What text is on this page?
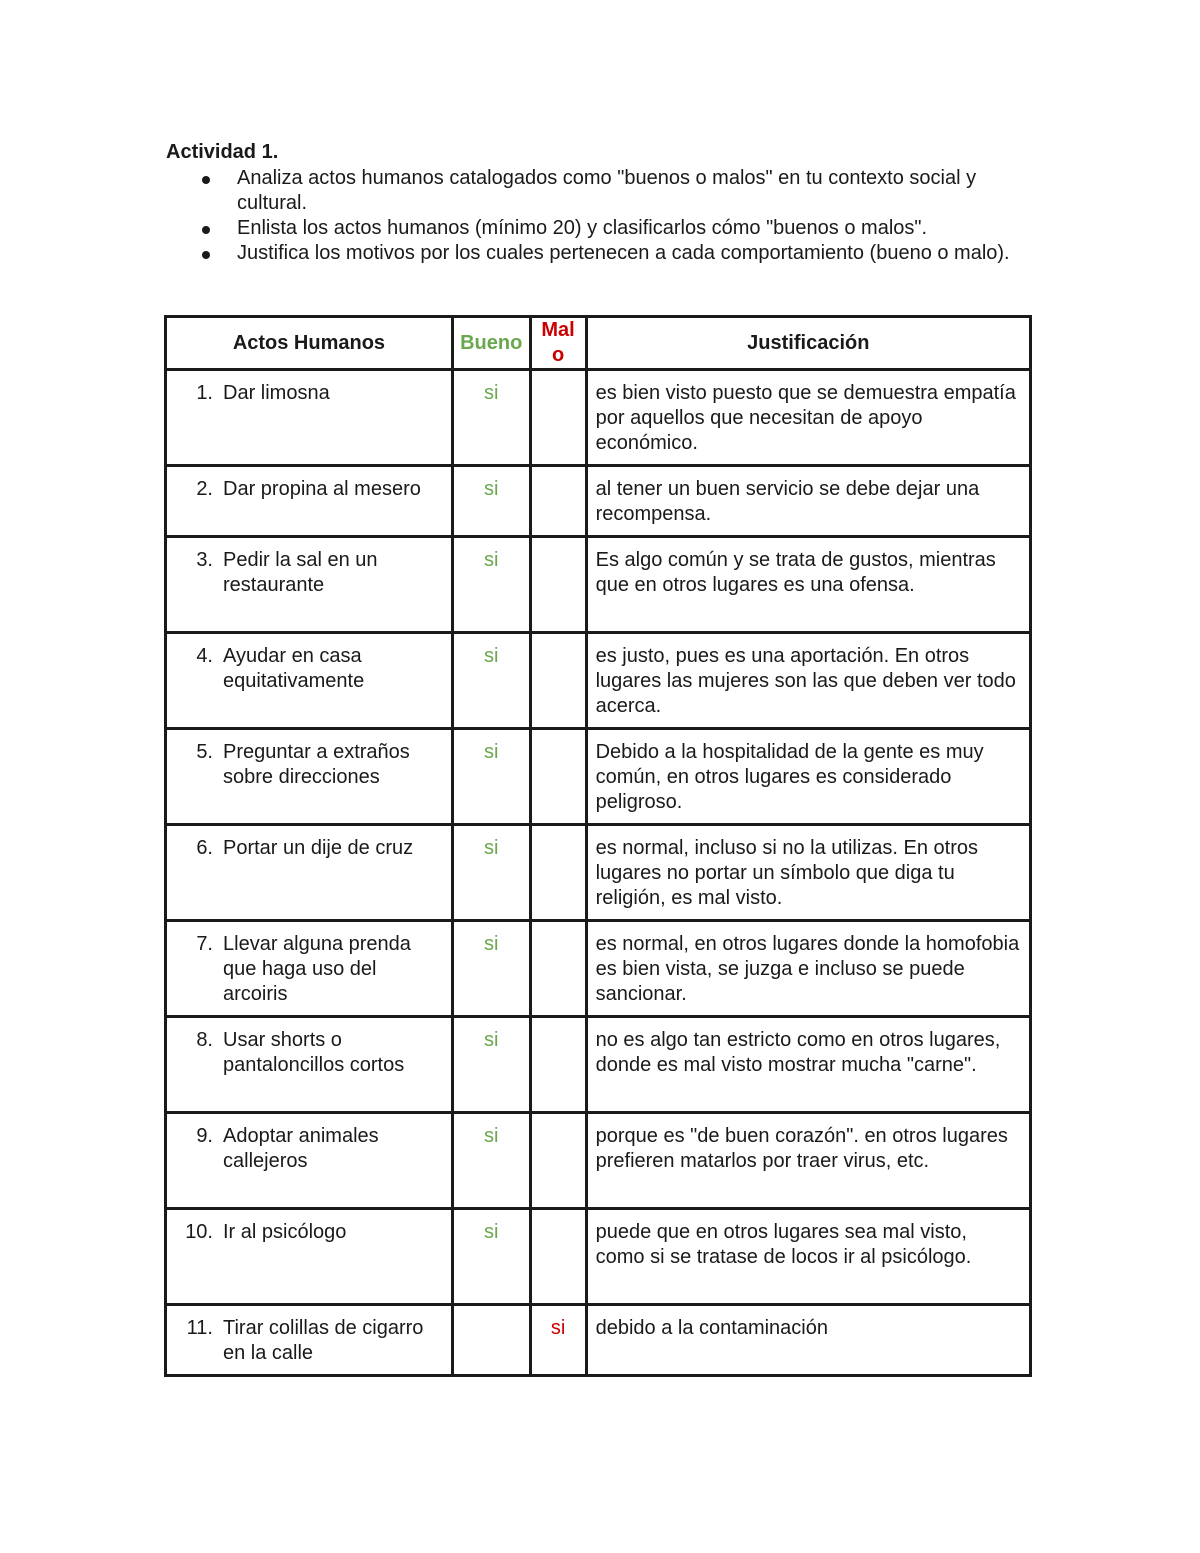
Actividad 1.

Analiza actos humanos catalogados como "buenos o malos" en tu contexto social y cultural.
Enlista los actos humanos (mínimo 20) y clasificarlos cómo "buenos o malos".
Justifica los motivos por los cuales pertenecen a cada comportamiento (bueno o malo).
Actos Humanos	Bueno	Malo	Justificación

1. Dar limosna	si		es bien visto puesto que se demuestra empatía por aquellos que necesitan de apoyo económico.

2. Dar propina al mesero	si		al tener un buen servicio se debe dejar una recompensa.

3. Pedir la sal en un restaurante	si		Es algo común y se trata de gustos, mientras que en otros lugares es una ofensa.

4. Ayudar en casa equitativamente	si		es justo, pues es una aportación. En otros lugares las mujeres son las que deben ver todo acerca.

5. Preguntar a extraños sobre direcciones	si		Debido a la hospitalidad de la gente es muy común, en otros lugares es considerado peligroso.

6. Portar un dije de cruz	si		es normal, incluso si no la utilizas. En otros lugares no portar un símbolo que diga tu religión, es mal visto.

7. Llevar alguna prenda que haga uso del arcoiris	si		es normal, en otros lugares donde la homofobia es bien vista, se juzga e incluso se puede sancionar.

8. Usar shorts o pantaloncillos cortos	si		no es algo tan estricto como en otros lugares, donde es mal visto mostrar mucha "carne".

9. Adoptar animales callejeros	si		porque es "de buen corazón". en otros lugares prefieren matarlos por traer virus, etc.

10. Ir al psicólogo	si		puede que en otros lugares sea mal visto, como si se tratase de locos ir al psicólogo.

11. Tirar colillas de cigarro en la calle		si	debido a la contaminación
